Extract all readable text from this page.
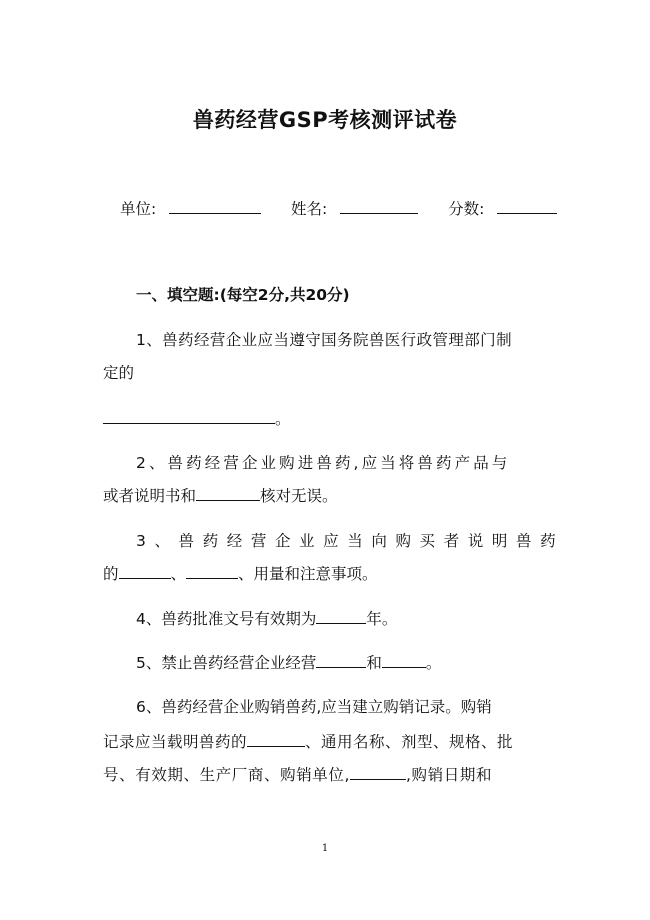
兽药经营GSP考核测评试卷
单位:	姓名:	分数:
一、填空题:(每空2分,共20分)
1、兽药经营企业应当遵守国务院兽医行政管理部门制
定的
。
2、兽药经营企业购进兽药,应当将兽药产品与
或者说明书和	核对无误。
3、兽药经营企业应当向购买者说明兽药
的	、	、用量和注意事项。
4、兽药批准文号有效期为	年。
5、禁止兽药经营企业经营	和	。
6、兽药经营企业购销兽药,应当建立购销记录。购销
记录应当载明兽药的	、通用名称、剂型、规格、批
号、有效期、生产厂商、购销单位,	,购销日期和
1
